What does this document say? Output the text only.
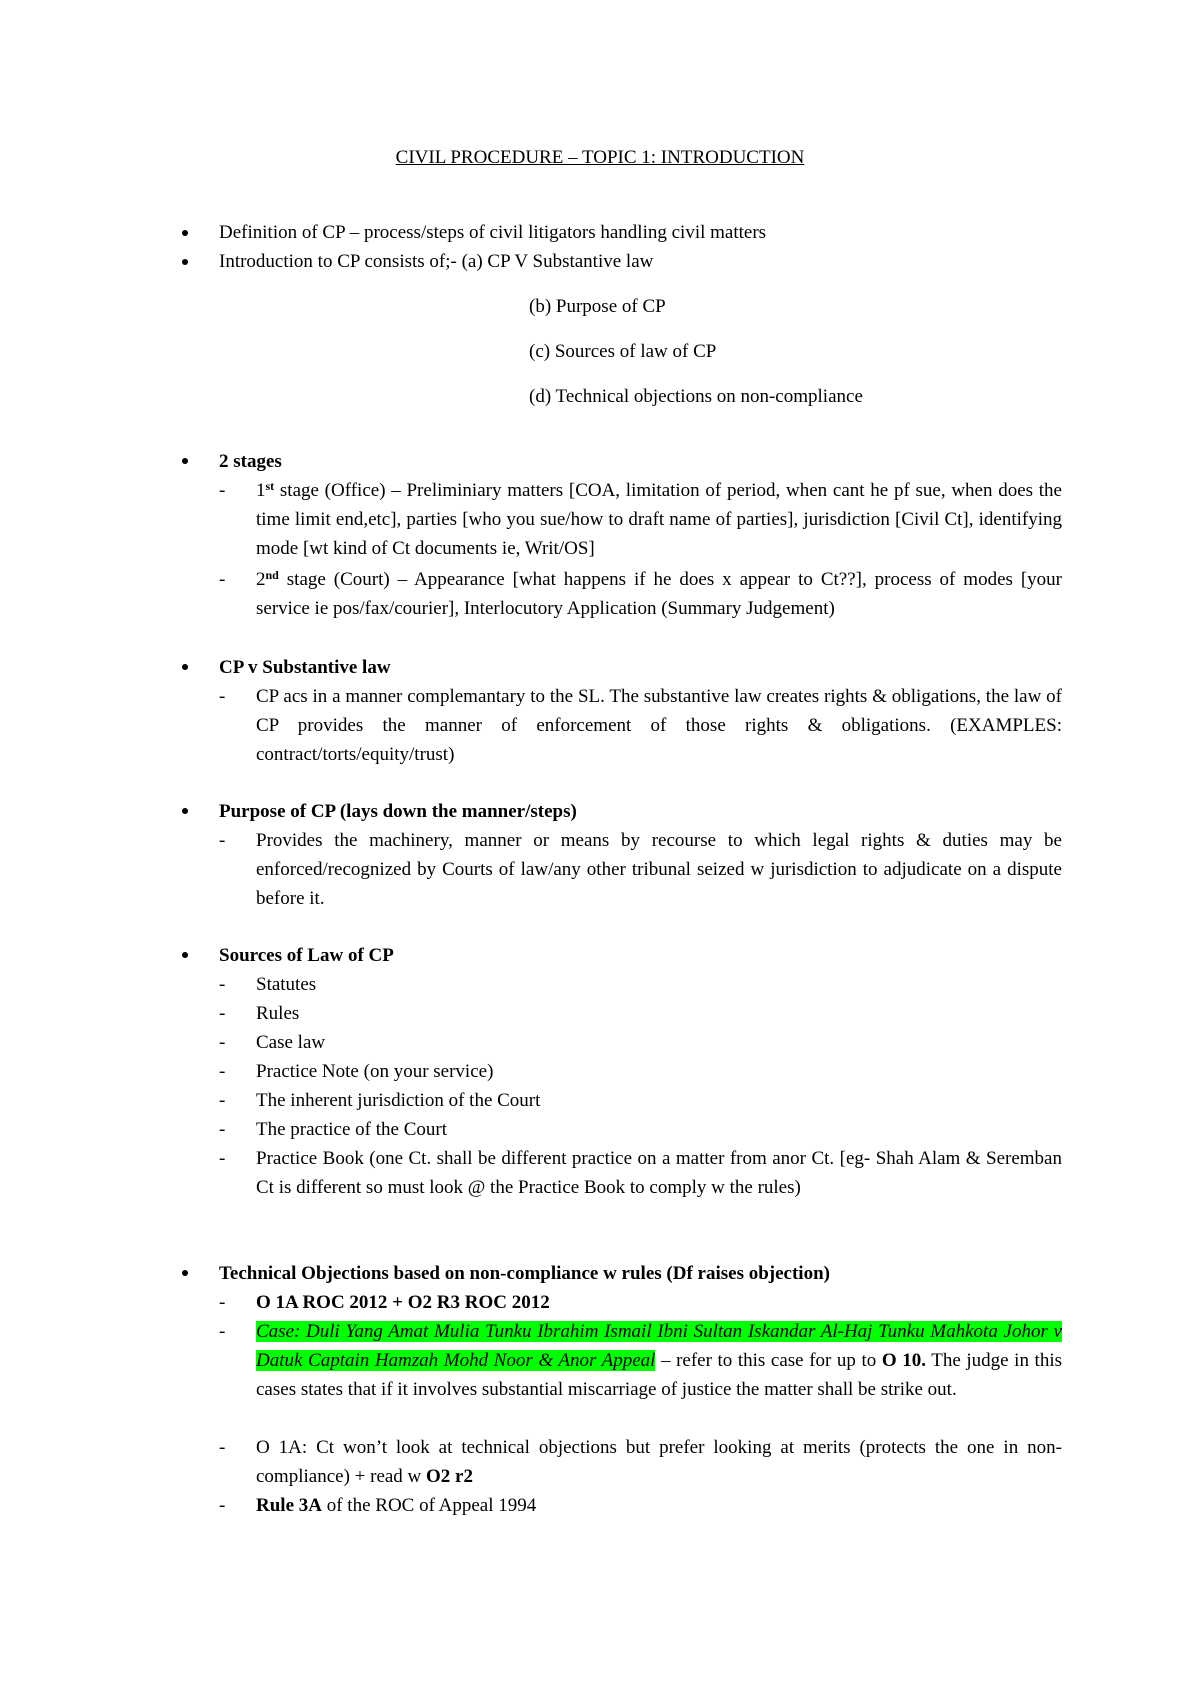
CIVIL PROCEDURE – TOPIC 1: INTRODUCTION
Definition of CP – process/steps of civil litigators handling civil matters
Introduction to CP consists of;- (a) CP V Substantive law
(b) Purpose of CP
(c) Sources of law of CP
(d) Technical objections on non-compliance
2 stages
- 1st stage (Office) – Preliminiary matters [COA, limitation of period, when cant he pf sue, when does the time limit end,etc], parties [who you sue/how to draft name of parties], jurisdiction [Civil Ct], identifying mode [wt kind of Ct documents ie, Writ/OS]
- 2nd stage (Court) – Appearance [what happens if he does x appear to Ct??], process of modes [your service ie pos/fax/courier], Interlocutory Application (Summary Judgement)
CP v Substantive law
- CP acs in a manner complemantary to the SL. The substantive law creates rights & obligations, the law of CP provides the manner of enforcement of those rights & obligations. (EXAMPLES: contract/torts/equity/trust)
Purpose of CP (lays down the manner/steps)
- Provides the machinery, manner or means by recourse to which legal rights & duties may be enforced/recognized by Courts of law/any other tribunal seized w jurisdiction to adjudicate on a dispute before it.
Sources of Law of CP
- Statutes
- Rules
- Case law
- Practice Note (on your service)
- The inherent jurisdiction of the Court
- The practice of the Court
- Practice Book (one Ct. shall be different practice on a matter from anor Ct. [eg- Shah Alam & Seremban Ct is different so must look @ the Practice Book to comply w the rules)
Technical Objections based on non-compliance w rules (Df raises objection)
- O 1A ROC 2012 + O2 R3 ROC 2012
- Case: Duli Yang Amat Mulia Tunku Ibrahim Ismail Ibni Sultan Iskandar Al-Haj Tunku Mahkota Johor v Datuk Captain Hamzah Mohd Noor & Anor Appeal – refer to this case for up to O 10. The judge in this cases states that if it involves substantial miscarriage of justice the matter shall be strike out.
- O 1A: Ct won’t look at technical objections but prefer looking at merits (protects the one in non-compliance) + read w O2 r2
- Rule 3A of the ROC of Appeal 1994
